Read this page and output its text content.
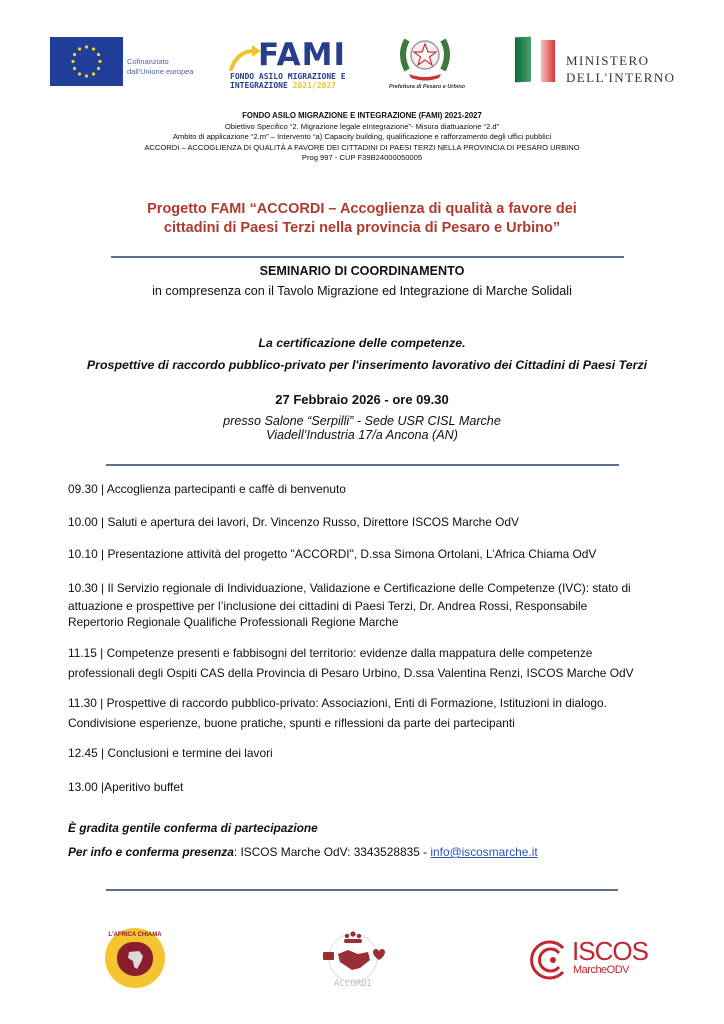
Cofinanziato
dall'Unione europea FAMI
FONDO ASILO MIGRAZIONE E
INTEGRAZIONE 2021/2027	Prefettura di Pesaro e Urbino
MINISTERO
DELL'INTERNO
FONDO ASILO MIGRAZIONE E INTEGRAZIONE (FAMI) 2021-2027
Obiettivo Specifico “2. Migrazione legale eIntegrazione”- Misura diattuazione “2.d”
Ambito di applicazione “2.m” – Intervento “a) Capacity building, qualificazione e rafforzamento degli uffici pubblici
ACCORDI – ACCOGLIENZA DI QUALITÀ A FAVORE DEI CITTADINI DI PAESI TERZI NELLA PROVINCIA DI PESARO URBINO
Prog 997 - CUP F39B24000050005
Progetto FAMI “ACCORDI – Accoglienza di qualità a favore dei
cittadini di Paesi Terzi nella provincia di Pesaro e Urbino”
SEMINARIO DI COORDINAMENTO
in compresenza con il Tavolo Migrazione ed Integrazione di Marche Solidali
La certificazione delle competenze.
Prospettive di raccordo pubblico-privato per l'inserimento lavorativo dei Cittadini di Paesi Terzi
27 Febbraio 2026 - ore 09.30
presso Salone “Serpilli” - Sede USR CISL Marche
Viadell’Industria 17/a Ancona (AN)
09.30 | Accoglienza partecipanti e caffè di benvenuto
10.00 | Saluti e apertura dei lavori, Dr. Vincenzo Russo, Direttore ISCOS Marche OdV
10.10 | Presentazione attività del progetto "ACCORDI", D.ssa Simona Ortolani, L’Africa Chiama OdV
10.30 | Il Servizio regionale di Individuazione, Validazione e Certificazione delle Competenze (IVC): stato di
attuazione e prospettive per l’inclusione dei cittadini di Paesi Terzi, Dr. Andrea Rossi, Responsabile
Repertorio Regionale Qualifiche Professionali Regione Marche
11.15 | Competenze presenti e fabbisogni del territorio: evidenze dalla mappatura delle competenze
professionali degli Ospiti CAS della Provincia di Pesaro Urbino, D.ssa Valentina Renzi, ISCOS Marche OdV
11.30 | Prospettive di raccordo pubblico-privato: Associazioni, Enti di Formazione, Istituzioni in dialogo.
Condivisione esperienze, buone pratiche, spunti e riflessioni da parte dei partecipanti
12.45 | Conclusioni e termine dei lavori
13.00 |Aperitivo buffet
È gradita gentile conferma di partecipazione
Per info e conferma presenza: ISCOS Marche OdV: 3343528835 - info@iscosmarche.it
L'AFRICA CHIAMA
ACCORDI
ISCOS
MarcheODV
